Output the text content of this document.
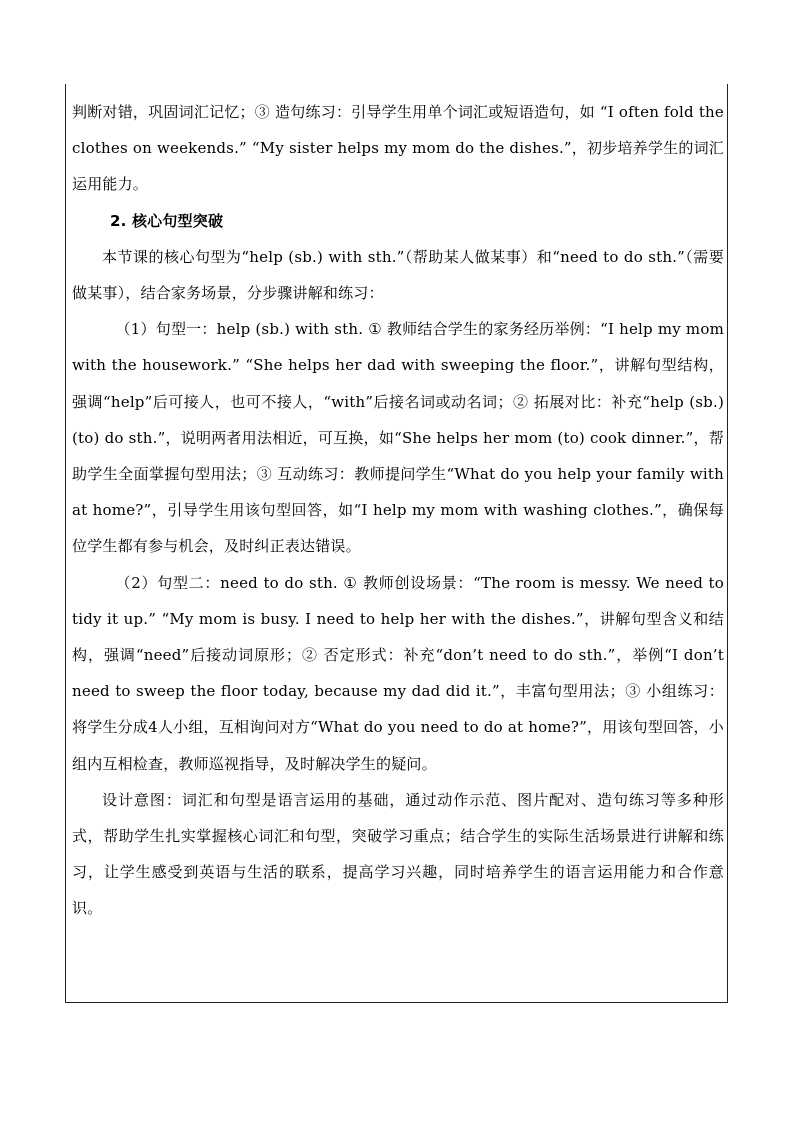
判断对错，巩固词汇记忆；③ 造句练习：引导学生用单个词汇或短语造句，如 “I often fold the clothes on weekends.” “My sister helps my mom do the dishes.”，初步培养学生的词汇运用能力。

2. 核心句型突破

本节课的核心句型为“help (sb.) with sth.”（帮助某人做某事）和“need to do sth.”（需要做某事），结合家务场景，分步骤讲解和练习：

（1）句型一：help (sb.) with sth. ① 教师结合学生的家务经历举例：“I help my mom with the housework.” “She helps her dad with sweeping the floor.”，讲解句型结构，强调“help”后可接人，也可不接人，“with”后接名词或动名词；② 拓展对比：补充“help (sb.) (to) do sth.”，说明两者用法相近，可互换，如“She helps her mom (to) cook dinner.”，帮助学生全面掌握句型用法；③ 互动练习：教师提问学生“What do you help your family with at home?”，引导学生用该句型回答，如“I help my mom with washing clothes.”，确保每位学生都有参与机会，及时纠正表达错误。

（2）句型二：need to do sth. ① 教师创设场景：“The room is messy. We need to tidy it up.” “My mom is busy. I need to help her with the dishes.”，讲解句型含义和结构，强调“need”后接动词原形；② 否定形式：补充“don’t need to do sth.”，举例“I don’t need to sweep the floor today, because my dad did it.”，丰富句型用法；③ 小组练习：将学生分成4人小组，互相询问对方“What do you need to do at home?”，用该句型回答，小组内互相检查，教师巡视指导，及时解决学生的疑问。

设计意图：词汇和句型是语言运用的基础，通过动作示范、图片配对、造句练习等多种形式，帮助学生扎实掌握核心词汇和句型，突破学习重点；结合学生的实际生活场景进行讲解和练习，让学生感受到英语与生活的联系，提高学习兴趣，同时培养学生的语言运用能力和合作意识。
